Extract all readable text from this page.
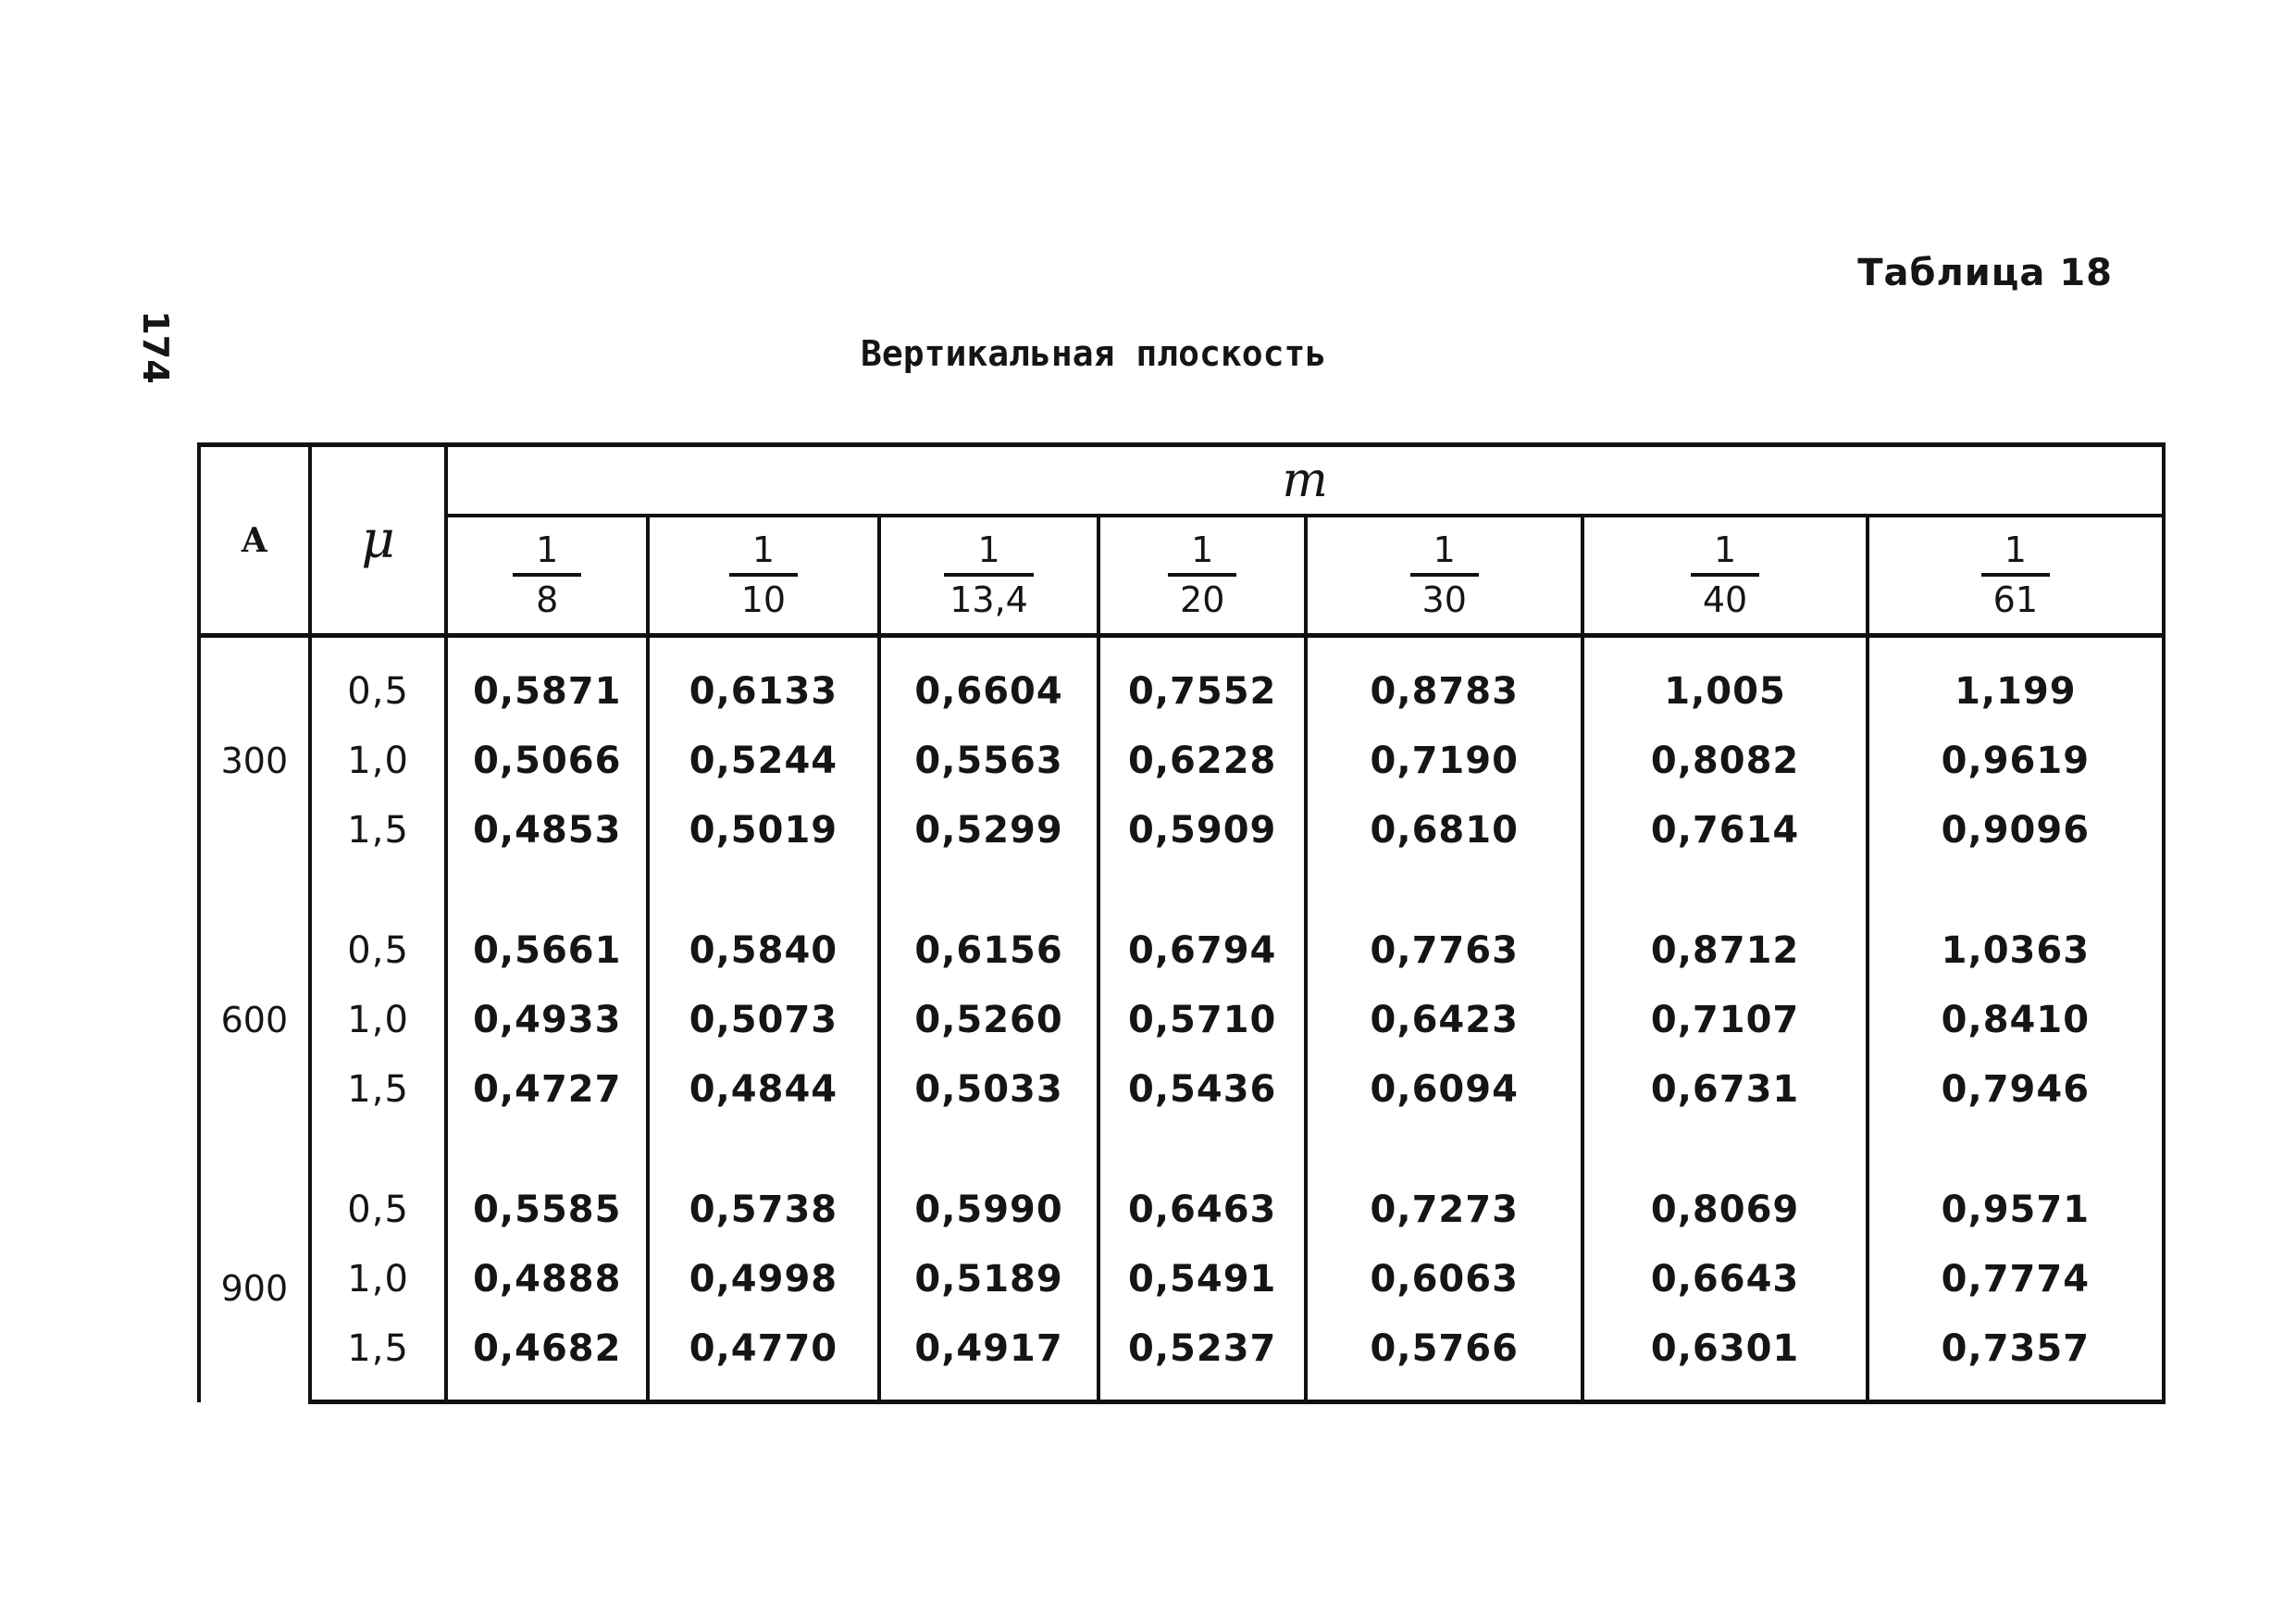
174
Таблица 18
Вертикальная плоскость
A	μ	m						

		$\frac{1}{8}$	$\frac{1}{10}$	$\frac{1}{13,4}$	$\frac{1}{20}$	$\frac{1}{30}$	$\frac{1}{40}$	$\frac{1}{61}$

300	0,5	0,5871	0,6133	0,6604	0,7552	0,8783	1,005	1,199
	1,0	0,5066	0,5244	0,5563	0,6228	0,7190	0,8082	0,9619
	1,5	0,4853	0,5019	0,5299	0,5909	0,6810	0,7614	0,9096

600	0,5	0,5661	0,5840	0,6156	0,6794	0,7763	0,8712	1,0363
	1,0	0,4933	0,5073	0,5260	0,5710	0,6423	0,7107	0,8410
	1,5	0,4727	0,4844	0,5033	0,5436	0,6094	0,6731	0,7946

900	0,5	0,5585	0,5738	0,5990	0,6463	0,7273	0,8069	0,9571
	1,0	0,4888	0,4998	0,5189	0,5491	0,6063	0,6643	0,7774
	1,5	0,4682	0,4770	0,4917	0,5237	0,5766	0,6301	0,7357
